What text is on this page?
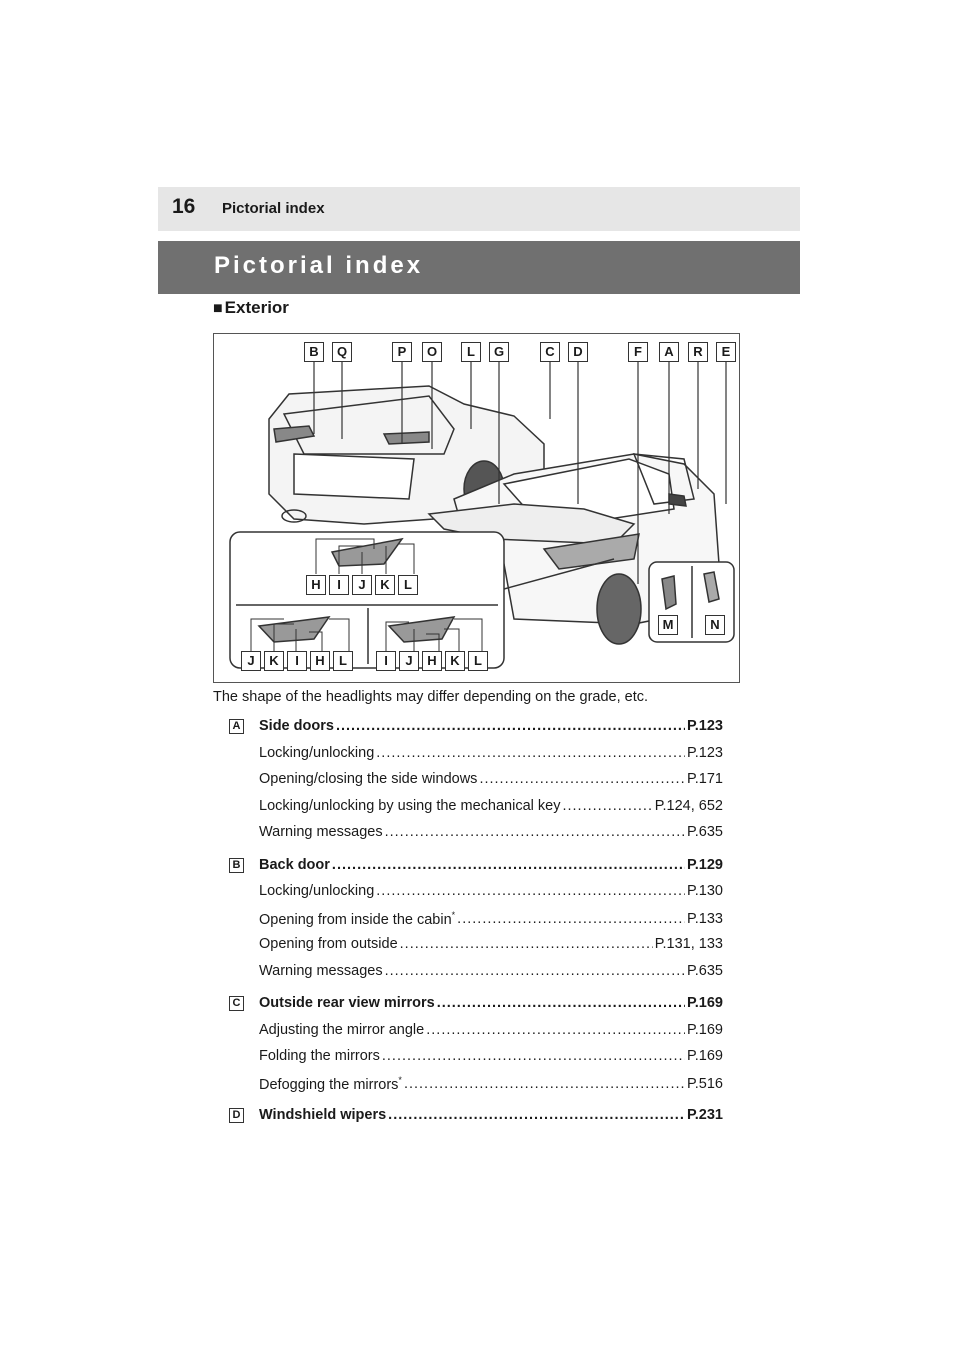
16 Pictorial index
Pictorial index
■ Exterior
B	Q	P	O	L	G	C	D	F	A	R	E
H	I	J	K	L
J	K	I	H	L	I	J	H	K	L
M	N
The shape of the headlights may differ depending on the grade, etc.
A Side doors .....	P.123
Locking/unlocking .....	P.123
Opening/closing the side windows .....	P.171
Locking/unlocking by using the mechanical key .....	P.124, 652
Warning messages .....	P.635
B Back door .....	P.129
Locking/unlocking .....	P.130
Opening from inside the cabin* .....	P.133
Opening from outside .....	P.131, 133
Warning messages .....	P.635
C Outside rear view mirrors .....	P.169
Adjusting the mirror angle .....	P.169
Folding the mirrors .....	P.169
Defogging the mirrors* .....	P.516
D Windshield wipers .....	P.231
